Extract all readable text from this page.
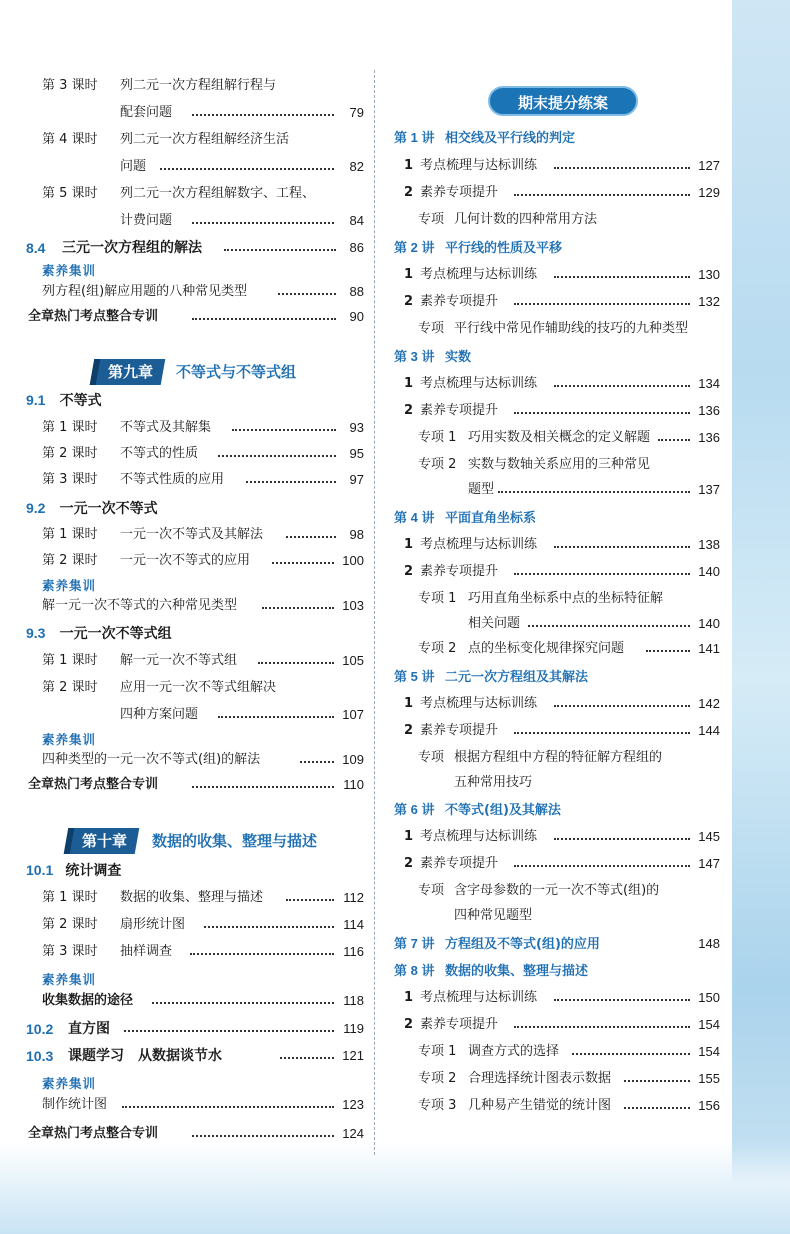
第 3 课时 列二元一次方程组解行程与
配套问题	79
第 4 课时 列二元一次方程组解经济生活
问题	82
第 5 课时 列二元一次方程组解数字、工程、
计费问题	84
8.4 三元一次方程组的解法	86
素养集训
列方程(组)解应用题的八种常见类型	88
全章热门考点整合专训	90
第九章	不等式与不等式组
9.1 不等式
第 1 课时 不等式及其解集	93
第 2 课时 不等式的性质	95
第 3 课时 不等式性质的应用	97
9.2 一元一次不等式
第 1 课时 一元一次不等式及其解法	98
第 2 课时 一元一次不等式的应用	100
素养集训
解一元一次不等式的六种常见类型	103
9.3 一元一次不等式组
第 1 课时 解一元一次不等式组	105
第 2 课时 应用一元一次不等式组解决
四种方案问题	107
素养集训
四种类型的一元一次不等式(组)的解法	109
全章热门考点整合专训	110
第十章	数据的收集、整理与描述
10.1 统计调查
第 1 课时 数据的收集、整理与描述	112
第 2 课时 扇形统计图	114
第 3 课时 抽样调查	116
素养集训
收集数据的途径	118
10.2 直方图	119
10.3 课题学习　从数据谈节水	121
素养集训
制作统计图	123
全章热门考点整合专训	124
期末提分练案
第 1 讲 相交线及平行线的判定
1 考点梳理与达标训练	127
2 素养专项提升	129
专项 几何计数的四种常用方法
第 2 讲 平行线的性质及平移
1 考点梳理与达标训练	130
2 素养专项提升	132
专项 平行线中常见作辅助线的技巧的九种类型
第 3 讲 实数
1 考点梳理与达标训练	134
2 素养专项提升	136
专项 1 巧用实数及相关概念的定义解题	136
专项 2 实数与数轴关系应用的三种常见
题型	137
第 4 讲 平面直角坐标系
1 考点梳理与达标训练	138
2 素养专项提升	140
专项 1 巧用直角坐标系中点的坐标特征解
相关问题	140
专项 2 点的坐标变化规律探究问题	141
第 5 讲 二元一次方程组及其解法
1 考点梳理与达标训练	142
2 素养专项提升	144
专项 根据方程组中方程的特征解方程组的
五种常用技巧
第 6 讲 不等式(组)及其解法
1 考点梳理与达标训练	145
2 素养专项提升	147
专项 含字母参数的一元一次不等式(组)的
四种常见题型
第 7 讲 方程组及不等式(组)的应用	148
第 8 讲 数据的收集、整理与描述
1 考点梳理与达标训练	150
2 素养专项提升	154
专项 1 调查方式的选择	154
专项 2 合理选择统计图表示数据	155
专项 3 几种易产生错觉的统计图	156
